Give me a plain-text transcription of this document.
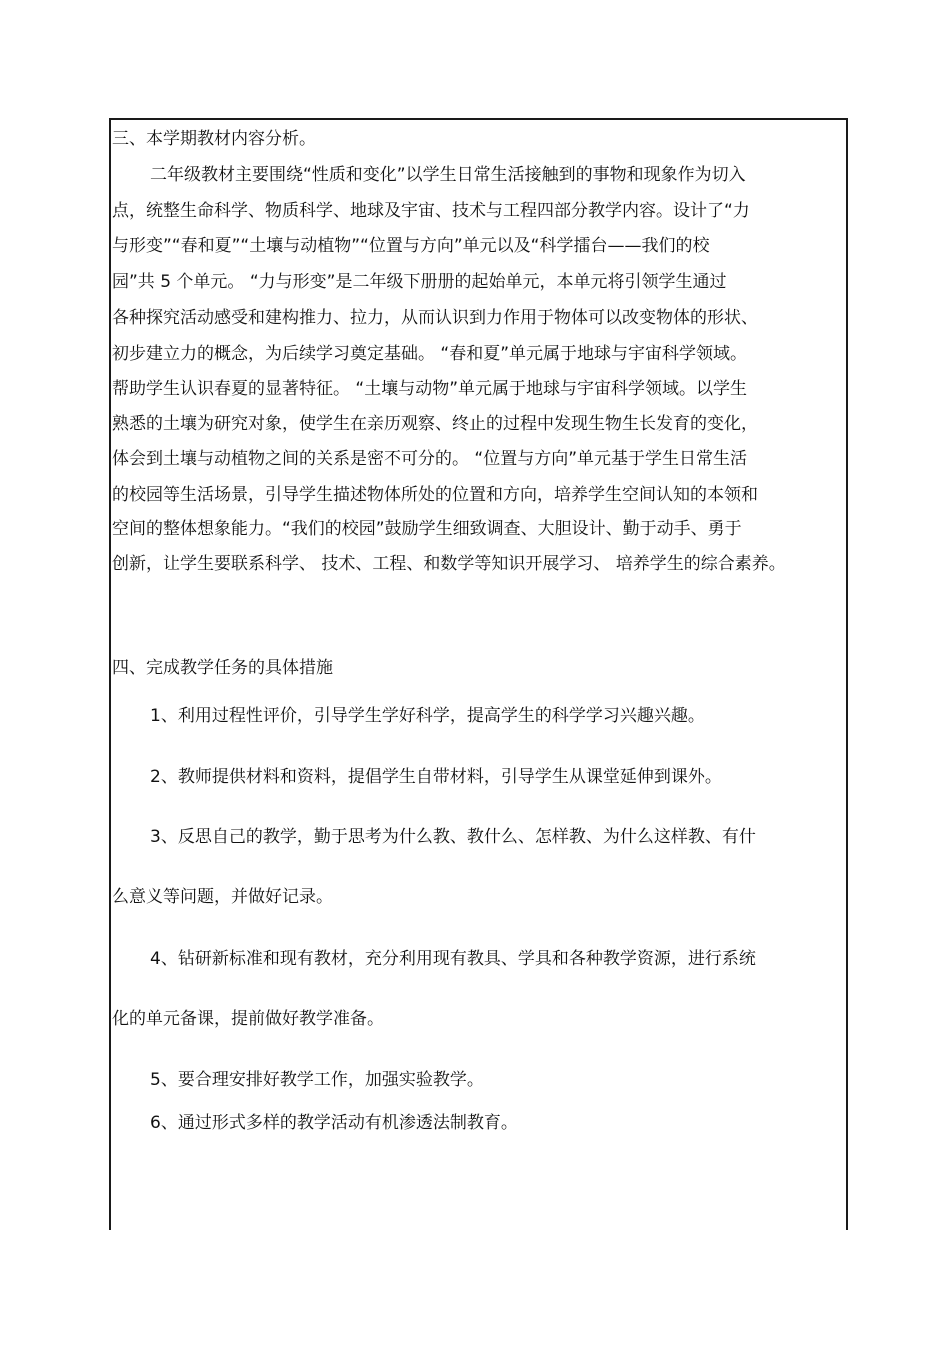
三、本学期教材内容分析。
二年级教材主要围绕“性质和变化”以学生日常生活接触到的事物和现象作为切入
点，统整生命科学、物质科学、地球及宇宙、技术与工程四部分教学内容。设计了“力
与形变”“春和夏”“土壤与动植物”“位置与方向”单元以及“科学擂台——我们的校
园”共 5 个单元。 “力与形变”是二年级下册册的起始单元，本单元将引领学生通过
各种探究活动感受和建构推力、拉力，从而认识到力作用于物体可以改变物体的形状、
初步建立力的概念，为后续学习奠定基础。 “春和夏”单元属于地球与宇宙科学领域。
帮助学生认识春夏的显著特征。 “土壤与动物”单元属于地球与宇宙科学领域。以学生
熟悉的土壤为研究对象，使学生在亲历观察、终止的过程中发现生物生长发育的变化，
体会到土壤与动植物之间的关系是密不可分的。 “位置与方向”单元基于学生日常生活
的校园等生活场景，引导学生描述物体所处的位置和方向，培养学生空间认知的本领和
空间的整体想象能力。“我们的校园”鼓励学生细致调查、大胆设计、勤于动手、勇于
创新，让学生要联系科学、 技术、工程、和数学等知识开展学习、 培养学生的综合素养。
四、完成教学任务的具体措施
1、利用过程性评价，引导学生学好科学，提高学生的科学学习兴趣兴趣。
2、教师提供材料和资料，提倡学生自带材料，引导学生从课堂延伸到课外。
3、反思自己的教学，勤于思考为什么教、教什么、怎样教、为什么这样教、有什
么意义等问题，并做好记录。
4、钻研新标准和现有教材，充分利用现有教具、学具和各种教学资源，进行系统
化的单元备课，提前做好教学准备。
5、要合理安排好教学工作，加强实验教学。
6、通过形式多样的教学活动有机渗透法制教育。
